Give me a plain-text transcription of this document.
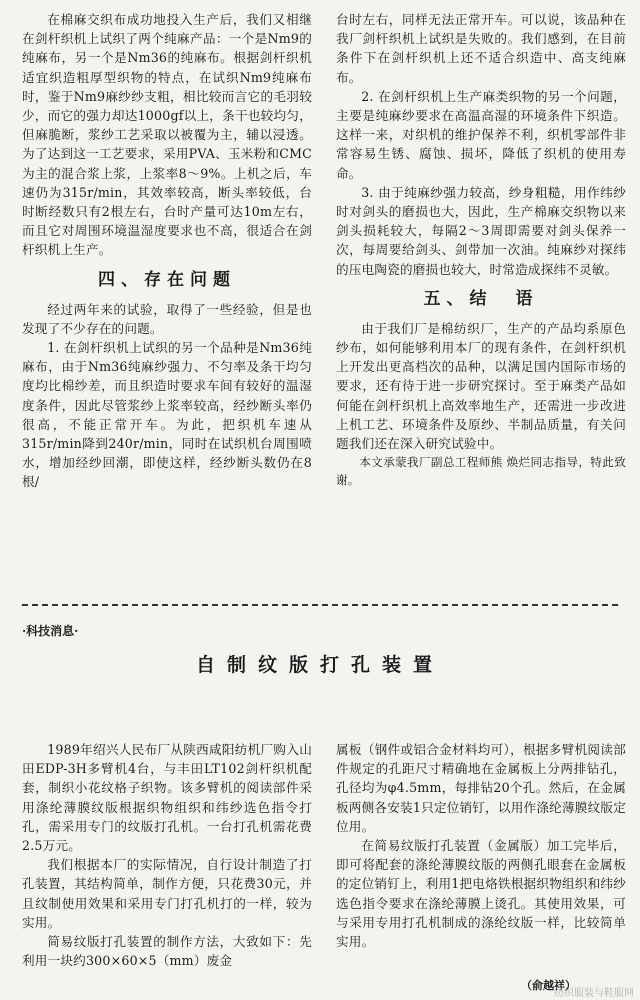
在棉麻交织布成功地投入生产后，我们又相继在剑杆织机上试织了两个纯麻产品：一个是Nm9的纯麻布，另一个是Nm36的纯麻布。根据剑杆织机适宜织造粗厚型织物的特点，在试织Nm9纯麻布时，鉴于Nm9麻纱纱支粗，相比较而言它的毛羽较少，而它的强力却达1000gf以上，条干也较均匀，但麻脆断，浆纱工艺采取以被覆为主，辅以浸透。为了达到这一工艺要求，采用PVA、玉米粉和CMC为主的混合浆上浆，上浆率8～9%。上机之后，车速仍为315r/min，其效率较高，断头率较低，台时断经数只有2根左右，台时产量可达10m左右，而且它对周围环境温湿度要求也不高，很适合在剑杆织机上生产。

四、存在问题

经过两年来的试验，取得了一些经验，但是也发现了不少存在的问题。

1. 在剑杆织机上试织的另一个品种是Nm36纯麻布，由于Nm36纯麻纱强力、不匀率及条干均匀度均比棉纱差，而且织造时要求车间有较好的温湿度条件，因此尽管浆纱上浆率较高，经纱断头率仍很高，不能正常开车。为此，把织机车速从315r/min降到240r/min，同时在试织机台周围喷水，增加经纱回潮，即使这样，经纱断头数仍在8根/

台时左右，同样无法正常开车。可以说，该品种在我厂剑杆织机上试织是失败的。我们感到，在目前条件下在剑杆织机上还不适合织造中、高支纯麻布。

2. 在剑杆织机上生产麻类织物的另一个问题，主要是纯麻纱要求在高温高湿的环境条件下织造。这样一来，对织机的维护保养不利，织机零部件非常容易生锈、腐蚀、损坏，降低了织机的使用寿命。

3. 由于纯麻纱强力较高，纱身粗糙，用作纬纱时对剑头的磨损也大，因此，生产棉麻交织物以来剑头损耗较大，每隔2～3周即需要对剑头保养一次，每周要给剑头、剑带加一次油。纯麻纱对探纬的压电陶瓷的磨损也较大，时常造成探纬不灵敏。

五、结　语

由于我们厂是棉纺织厂，生产的产品均系原色纱布，如何能够利用本厂的现有条件，在剑杆织机上开发出更高档次的品种，以满足国内国际市场的要求，还有待于进一步研究探讨。至于麻类产品如何能在剑杆织机上高效率地生产，还需进一步改进上机工艺、环境条件及原纱、半制品质量，有关问题我们还在深入研究试验中。

本文承蒙我厂副总工程师熊 焕烂同志指导，特此致谢。

·科技消息·
自制纹版打孔装置

1989年绍兴人民布厂从陕西咸阳纺机厂购入山田EDP-3H多臂机4台，与丰田LT102剑杆织机配套，制织小花纹格子织物。该多臂机的阅读部件采用涤纶薄膜纹版根据织物组织和纬纱选色指令打孔，需采用专门的纹版打孔机。一台打孔机需花费2.5万元。

我们根据本厂的实际情况，自行设计制造了打孔装置，其结构简单，制作方便，只花费30元，并且纹制使用效果和采用专门打孔机打的一样，较为实用。

简易纹版打孔装置的制作方法，大致如下：先利用一块约300×60×5（mm）废金

属板（钢件或铝合金材料均可），根据多臂机阅读部件规定的孔距尺寸精确地在金属板上分两排钻孔，孔径均为φ4.5mm，每排钻20个孔。然后，在金属板两侧各安装1只定位销钉，以用作涤纶薄膜纹版定位用。

在简易纹版打孔装置（金属版）加工完毕后，即可将配套的涤纶薄膜纹版的两侧孔眼套在金属板的定位销钉上，利用1把电烙铁根据织物组织和纬纱选色指令要求在涤纶薄膜上烫孔。其使用效果，可与采用专用打孔机制成的涤纶纹版一样，比较简单实用。

（俞越祥）
纺织服装与鞋服网
